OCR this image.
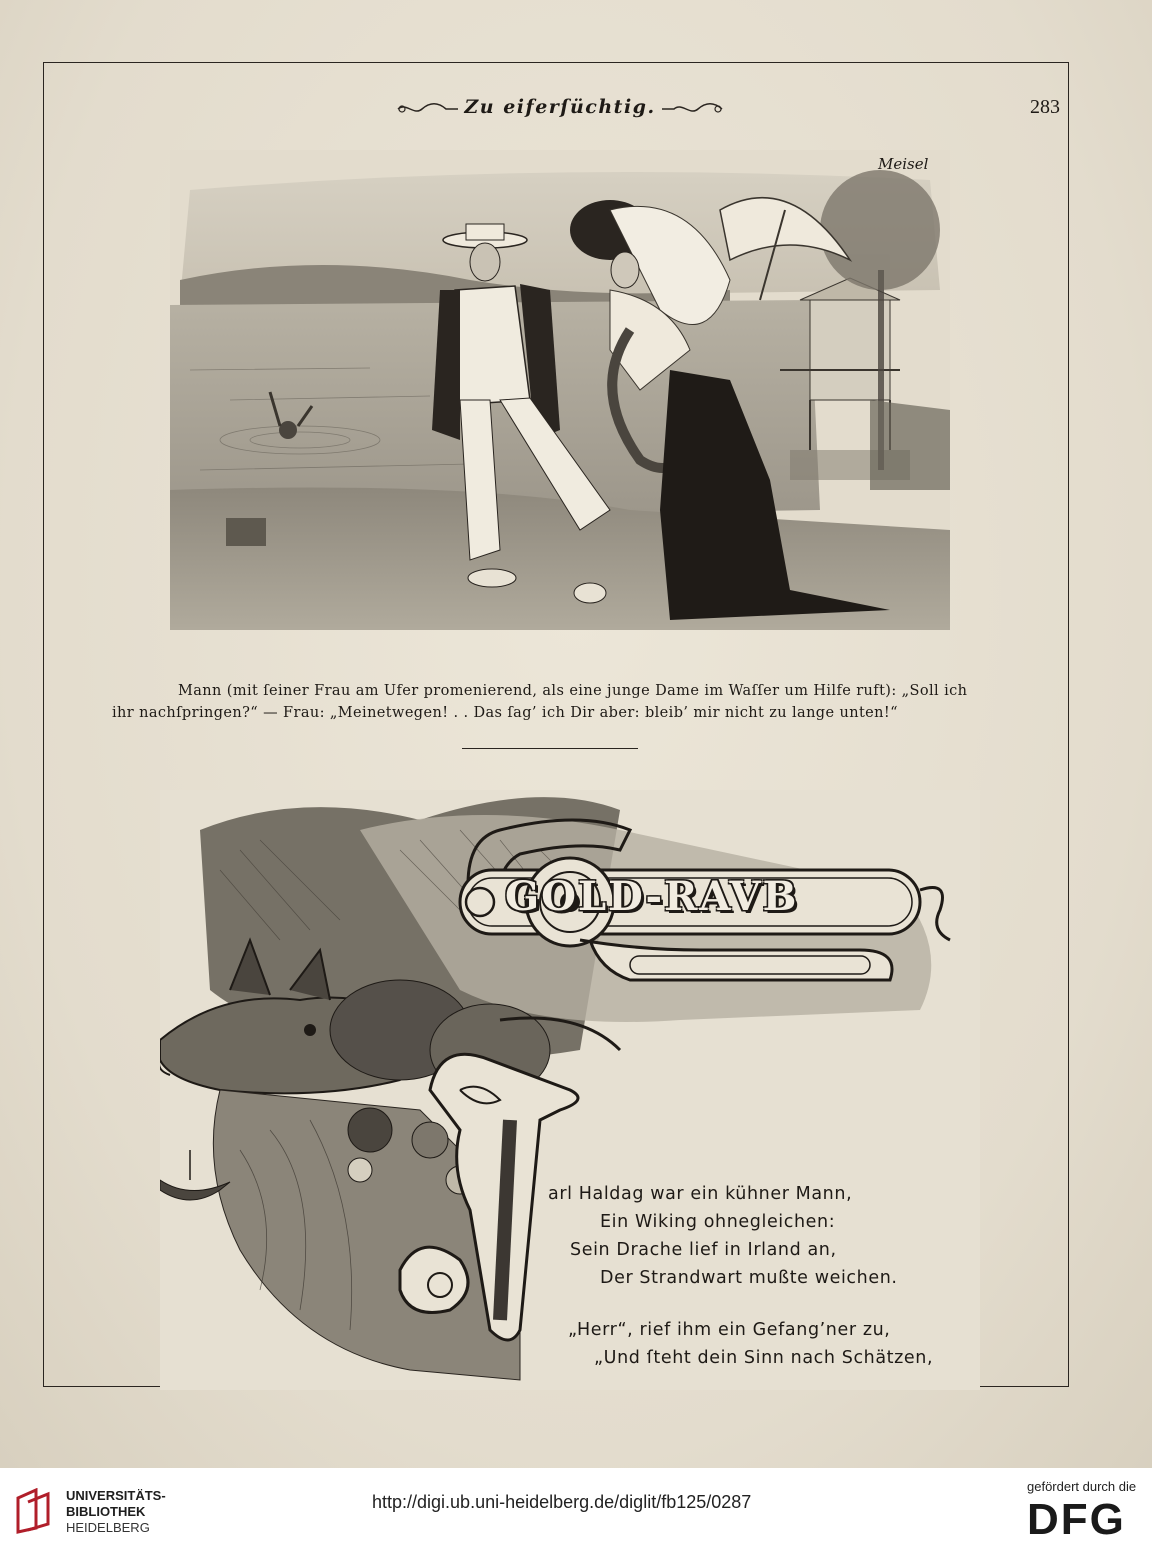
Zu eiferſüchtig.	283
Meisel
Mann (mit ſeiner Frau am Ufer promenierend, als eine junge Dame im Waſſer um Hilfe ruft): „Soll ich
ihr nachſpringen?“ — Frau: „Meinetwegen! . . Das ſag’ ich Dir aber: bleib’ mir nicht zu lange unten!“
GOLD-RAVB
arl Haldag war ein kühner Mann,
Ein Wiking ohnegleichen:
Sein Drache lief in Irland an,
Der Strandwart mußte weichen.
„Herr“, rief ihm ein Gefang’ner zu,
„Und ſteht dein Sinn nach Schätzen,
UNIVERSITÄTS-
BIBLIOTHEK
HEIDELBERG
http://digi.ub.uni-heidelberg.de/diglit/fb125/0287
gefördert durch die
DFG
